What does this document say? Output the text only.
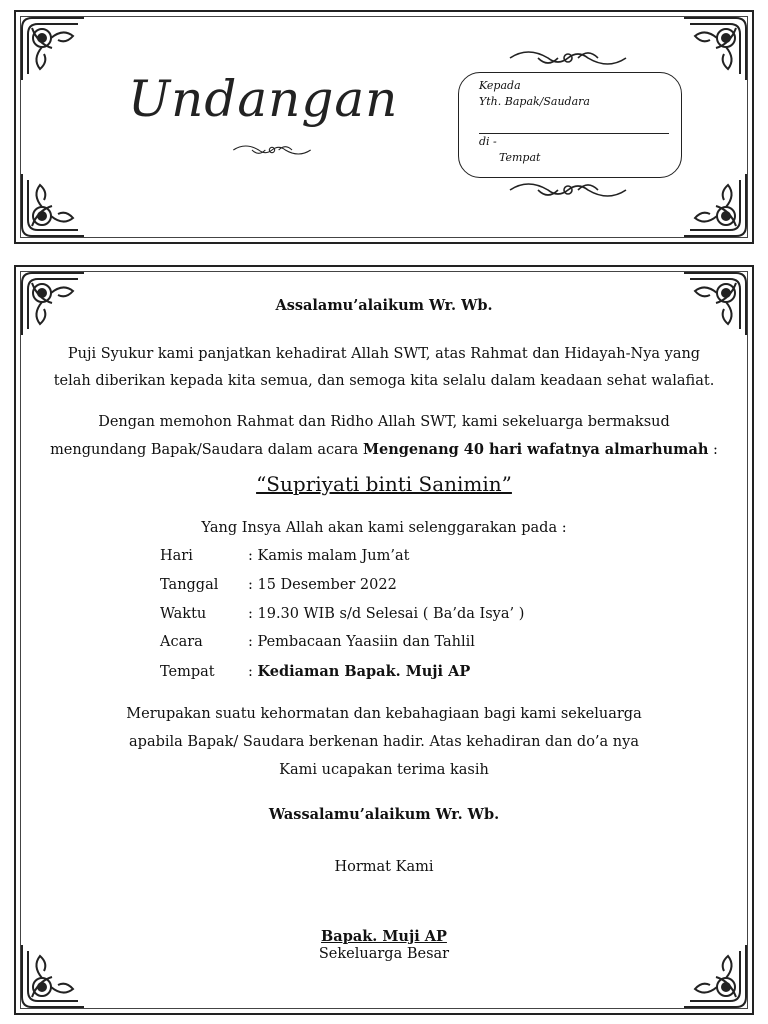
Undangan	Kepada
Yth. Bapak/Saudara
di -
Tempat
Assalamu’alaikum Wr. Wb.
Puji Syukur kami panjatkan kehadirat Allah SWT, atas Rahmat dan Hidayah-Nya yang
telah diberikan kepada kita semua, dan semoga kita selalu dalam keadaan sehat walafiat.
Dengan memohon Rahmat dan Ridho Allah SWT, kami sekeluarga bermaksud
mengundang Bapak/Saudara dalam acara Mengenang 40 hari wafatnya almarhumah :
“Supriyati binti Sanimin”
Yang Insya Allah akan kami selenggarakan pada :
Hari	: Kamis malam Jum’at
Tanggal : 15 Desember 2022
Waktu	: 19.30 WIB s/d Selesai ( Ba’da Isya’ )
Acara	: Pembacaan Yaasiin dan Tahlil
Tempat : Kediaman Bapak. Muji AP
Merupakan suatu kehormatan dan kebahagiaan bagi kami sekeluarga
apabila Bapak/ Saudara berkenan hadir. Atas kehadiran dan do’a nya
Kami ucapakan terima kasih
Wassalamu’alaikum Wr. Wb.
Hormat Kami
Bapak. Muji AP
Sekeluarga Besar
